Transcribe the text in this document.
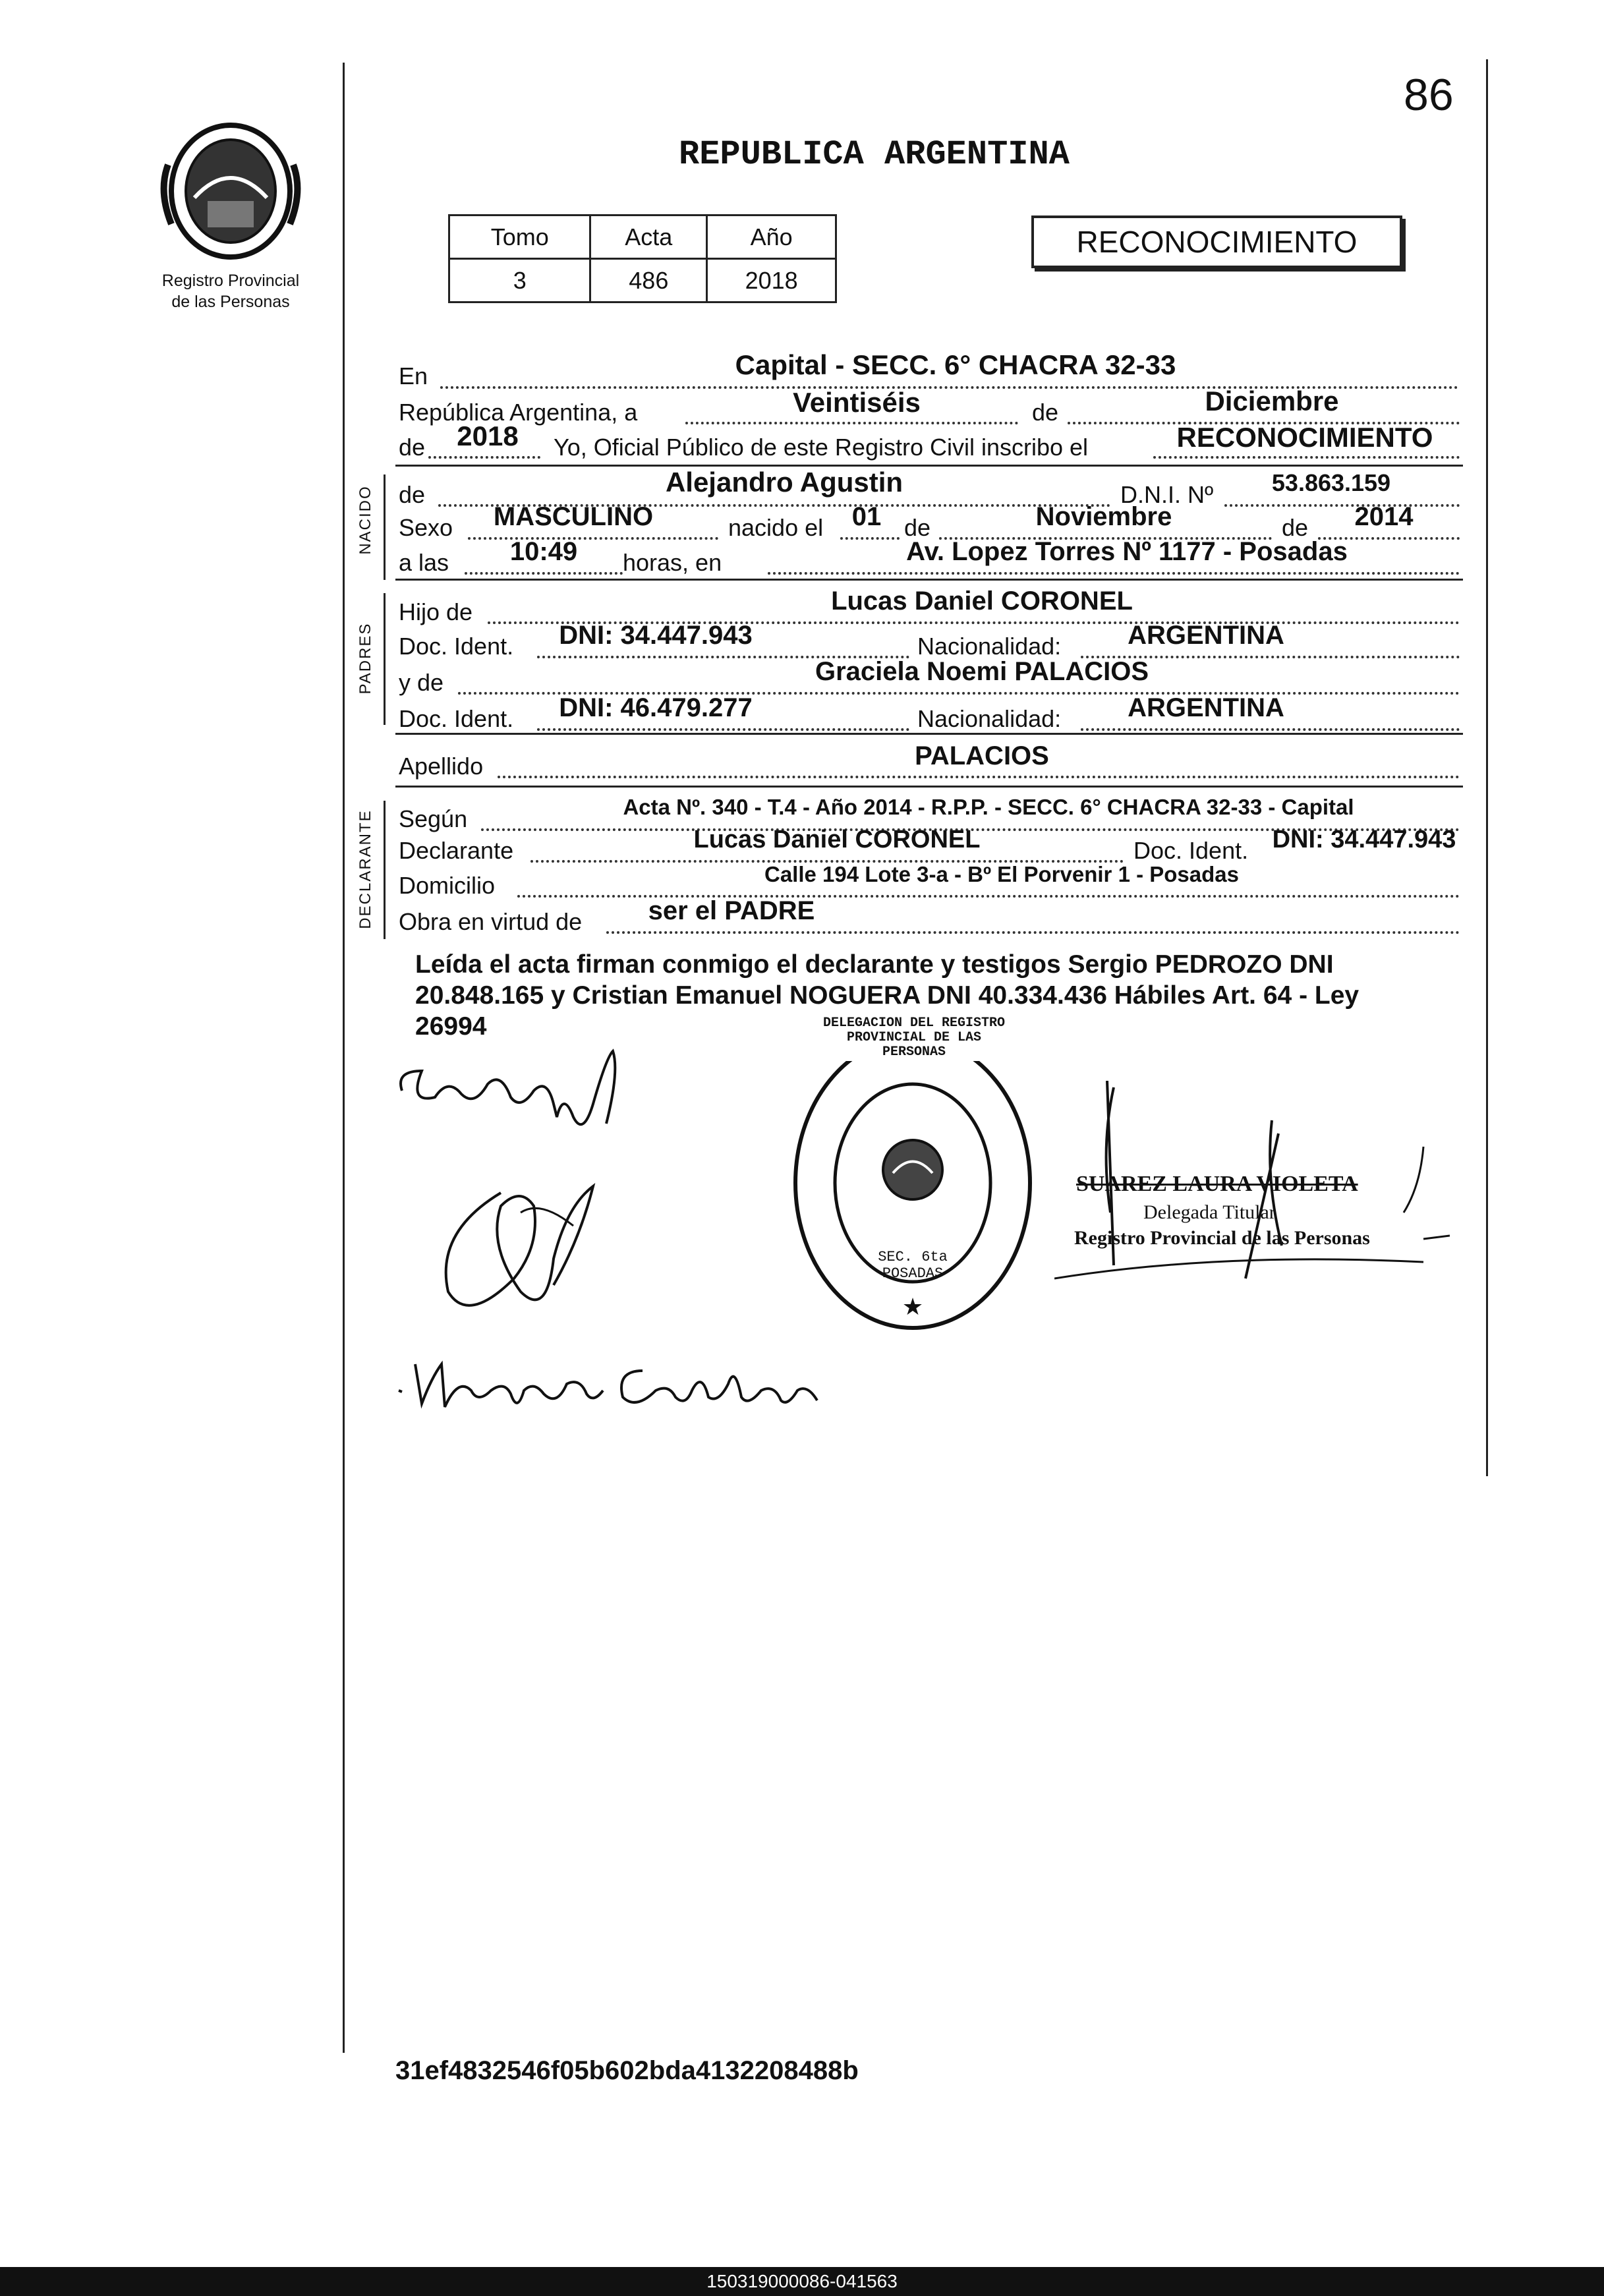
86
Registro Provincial
de las Personas
REPUBLICA ARGENTINA
Tomo	Acta	Año
3	486	2018
RECONOCIMIENTO
En	Capital - SECC. 6° CHACRA 32-33
República Argentina, a	Veintiséis	de	Diciembre
de	2018	Yo, Oficial Público de este Registro Civil inscribo el	RECONOCIMIENTO
NACIDO de	Alejandro Agustin	D.N.I. Nº	53.863.159
Sexo	MASCULINO	nacido el 01 de	Noviembre	de	2014
a las	10:49	horas, en	Av. Lopez Torres Nº 1177 - Posadas
PADRES
Hijo de	Lucas Daniel CORONEL
Doc. Ident.	DNI: 34.447.943	Nacionalidad:	ARGENTINA
y de	Graciela Noemi PALACIOS
Doc. Ident.	DNI: 46.479.277	Nacionalidad:	ARGENTINA
Apellido	PALACIOS
DECLARANTE Según	Acta Nº. 340 - T.4 - Año 2014 - R.P.P. - SECC. 6° CHACRA 32-33 - Capital
Declarante	Lucas Daniel CORONEL	Doc. Ident. DNI: 34.447.943
Domicilio	Calle 194 Lote 3-a - Bº El Porvenir 1 - Posadas
Obra en virtud de	ser el PADRE
Leída el acta firman conmigo el declarante y testigos Sergio PEDROZO DNI
20.848.165 y Cristian Emanuel NOGUERA DNI 40.334.436 Hábiles Art. 64 - Ley
26994
★
DELEGACION DEL REGISTRO PROVINCIAL DE LAS PERSONAS
SEC. 6ta POSADAS
SUAREZ LAURA VIOLETA
Delegada Titular
Registro Provincial de las Personas
31ef4832546f05b602bda4132208488b
150319000086-041563
